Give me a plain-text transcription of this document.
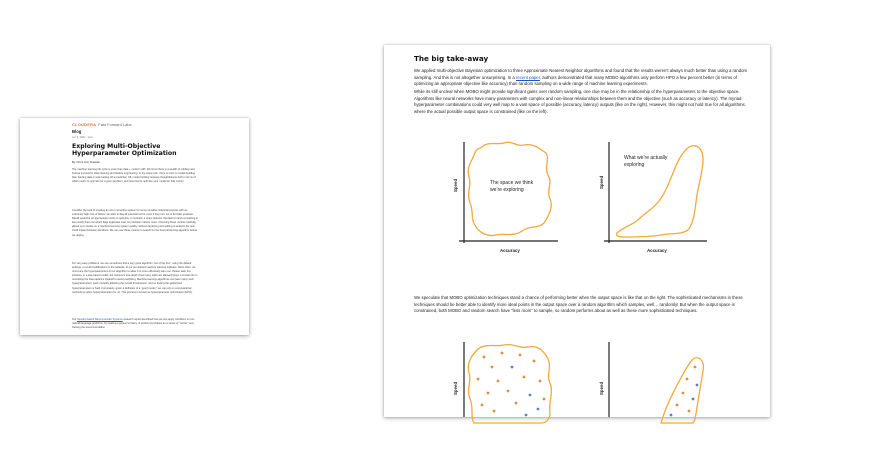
CLOUDERA Fast Forward Labs
Blog
Jul. 9, 2021 · post
Exploring Multi-Objective Hyperparameter Optimization
By Chris Ann Rawski

The machine learning life cycle is more than data + model = API. We know there is a wealth of subtlety and finesse involved in data cleaning and feature engineering. In the same vein, there is more to model-building than feeding data in and reading off a prediction. ML model building requires thoughtfulness both in terms of which metric to optimize for a given problem, and how best to optimize your model for that metric!

Consider the task of creating an error correction system for some sensitive industrial process with an extremely high cost of failure: we want to flag all potential errors, even if they turn out to be false positives. Recall would be an appropriate metric to optimize. In contrast, a spam detector that fails to catch something is less costly than one which flags legitimate mail, so precision matters more. Choosing these metrics carefully allows us to iterate on a machine learning system quickly, without deploying and waiting to analyze the real-world impact between iterations. We can use these metrics to search for the best performing algorithm before we deploy.

For very easy problems, we can sometimes find a very good algorithm “out of the box”, using the default settings, or small modifications to the defaults, of our pre-trained machine learning software. More often, we must tune the hyperparameters of our algorithm to allow it to more effectively learn our chosen task. For instance, in a tree-based model, the maximum tree depth (how many splits are allowed) plays a crucial role in controlling the bias-variance tradeoff to avoid overfitting. Machine learning algorithms can have many such hyperparameters, each mutually affecting the overall fit behaviour, and so finding the global best hyperparameters is hard. Fortunately, given a definition of a “good model,” we can rely on computational methods to select hyperparameters for us. This process is known as hyperparameter optimization (HPO).

Our Session-based Recommender Systems research report described how we can apply word2vec to non-natural language problems, by treating a person's history of product purchases as a series of “words,” and framing the recommendation

The big take-away

We applied multi-objective Bayesian optimization to three Approximate Nearest Neighbor algorithms and found that the results weren’t always much better than using a random sampling. And this is not altogether unsurprising. In a recent paper, authors demonstrated that many MOBO algorithms only perform HPO a few percent better (in terms of optimizing an appropriate objective like accuracy) than random sampling on a wide range of machine learning experiments.

While its still unclear when MOBO might provide significant gains over random sampling, one clue may be in the relationship of the hyperparameters to the objective space. Algorithms like neural networks have many parameters with complex and non-linear relationships between them and the objective (such as accuracy or latency). The myriad hyperparameter combinations could very well map to a vast space of possible (accuracy, latency) outputs (like on the right). However, this might not hold true for all algorithms, where the actual possible output space is constrained (like on the left).

The space we think
we’re exploring
Speed
Accuracy
What we’re actually
exploring
Speed
Accuracy

We speculate that MOBO optimization techniques stand a chance of performing better when the output space is like that on the right. The sophisticated mechanisms in these techniques should be better able to identify more ideal points in the output space over a random algorithm which samples, well… randomly! But when the output space is constrained, both MOBO and random search have “less room” to sample, so random performs about as well as these more sophisticated techniques.

Speed	Speed
